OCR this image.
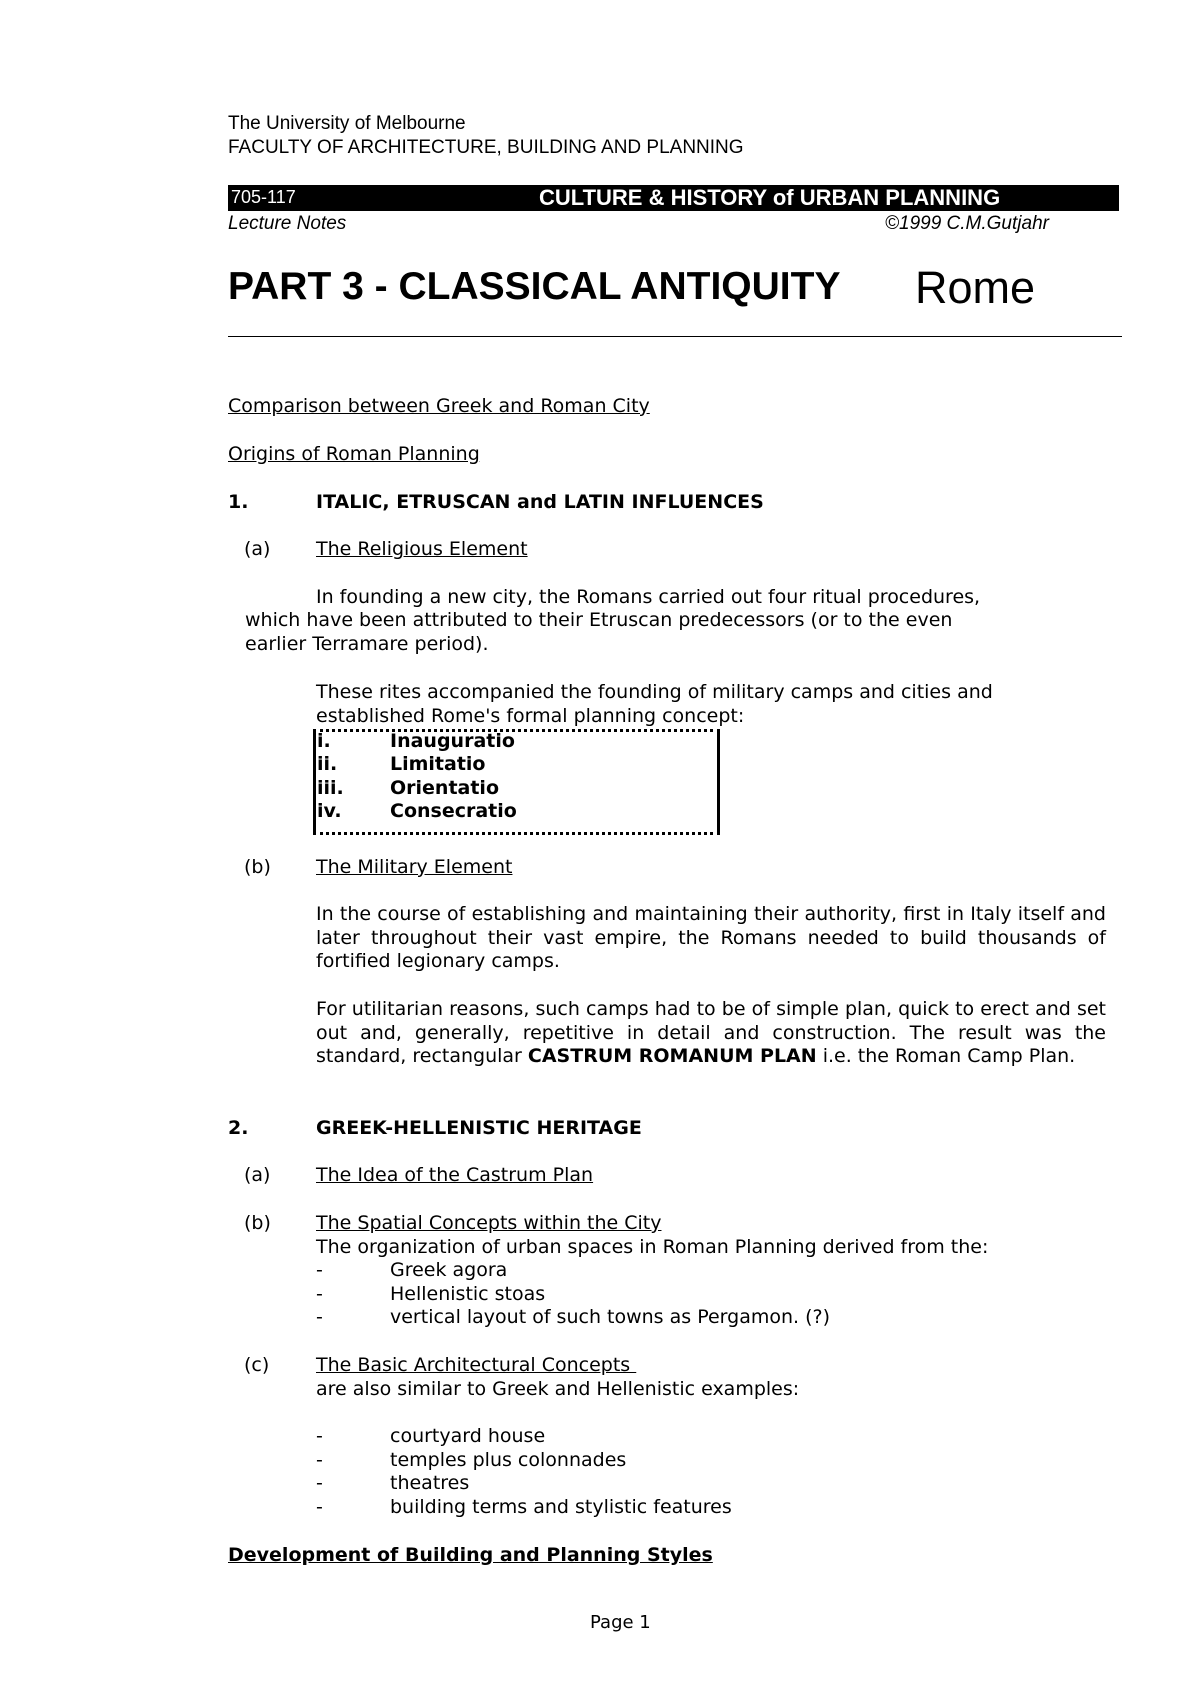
The University of Melbourne
FACULTY OF ARCHITECTURE, BUILDING AND PLANNING
705-117	CULTURE & HISTORY of URBAN PLANNING
Lecture Notes	©1999 C.M.Gutjahr
PART 3 - CLASSICAL ANTIQUITY Rome
Comparison between Greek and Roman City
Origins of Roman Planning
1.	ITALIC, ETRUSCAN and LATIN INFLUENCES
(a) The Religious Element
In founding a new city, the Romans carried out four ritual procedures,
which have been attributed to their Etruscan predecessors (or to the even
earlier Terramare period).
These rites accompanied the founding of military camps and cities and
established Rome's formal planning concept:
i.	Inauguratio
ii.	Limitatio
iii. Orientatio
iv.	Consecratio
(b) The Military Element
In the course of establishing and maintaining their authority, first in Italy itself and later throughout their vast empire, the Romans needed to build thousands of fortified legionary camps.
For utilitarian reasons, such camps had to be of simple plan, quick to erect and set out and, generally, repetitive in detail and construction. The result was the standard, rectangular CASTRUM ROMANUM PLAN i.e. the Roman Camp Plan.
2.	GREEK-HELLENISTIC HERITAGE
(a) The Idea of the Castrum Plan
(b) The Spatial Concepts within the City
The organization of urban spaces in Roman Planning derived from the:
-	Greek agora
-	Hellenistic stoas
-	vertical layout of such towns as Pergamon. (?)
(c) The Basic Architectural Concepts
are also similar to Greek and Hellenistic examples:
-	courtyard house
-	temples plus colonnades
-	theatres
-	building terms and stylistic features
Development of Building and Planning Styles
Page 1
